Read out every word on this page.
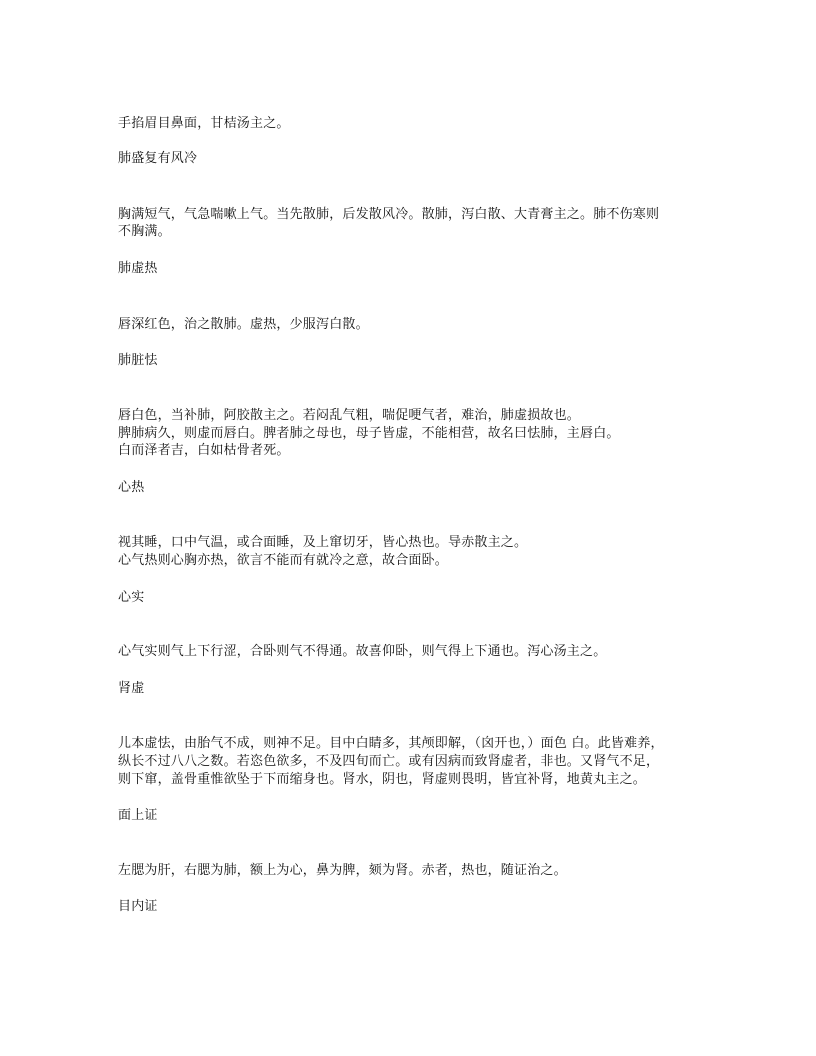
手掐眉目鼻面，甘桔汤主之。
肺盛复有风冷
胸满短气，气急喘嗽上气。当先散肺，后发散风冷。散肺，泻白散、大青膏主之。肺不伤寒则
不胸满。
肺虚热
唇深红色，治之散肺。虚热，少服泻白散。
肺脏怯
唇白色，当补肺，阿胶散主之。若闷乱气粗，喘促哽气者，难治，肺虚损故也。
脾肺病久，则虚而唇白。脾者肺之母也，母子皆虚，不能相营，故名曰怯肺，主唇白。
白而泽者吉，白如枯骨者死。
心热
视其睡，口中气温，或合面睡，及上窜切牙，皆心热也。导赤散主之。
心气热则心胸亦热，欲言不能而有就冷之意，故合面卧。
心实
心气实则气上下行涩，合卧则气不得通。故喜仰卧，则气得上下通也。泻心汤主之。
肾虚
儿本虚怯，由胎气不成，则神不足。目中白睛多，其颅即解，（囟开也，）面色 白。此皆难养，
纵长不过八八之数。若恣色欲多，不及四旬而亡。或有因病而致肾虚者，非也。又肾气不足，
则下窜，盖骨重惟欲坠于下而缩身也。肾水，阴也，肾虚则畏明，皆宜补肾，地黄丸主之。
面上证
左腮为肝，右腮为肺，额上为心，鼻为脾，颏为肾。赤者，热也，随证治之。
目内证
